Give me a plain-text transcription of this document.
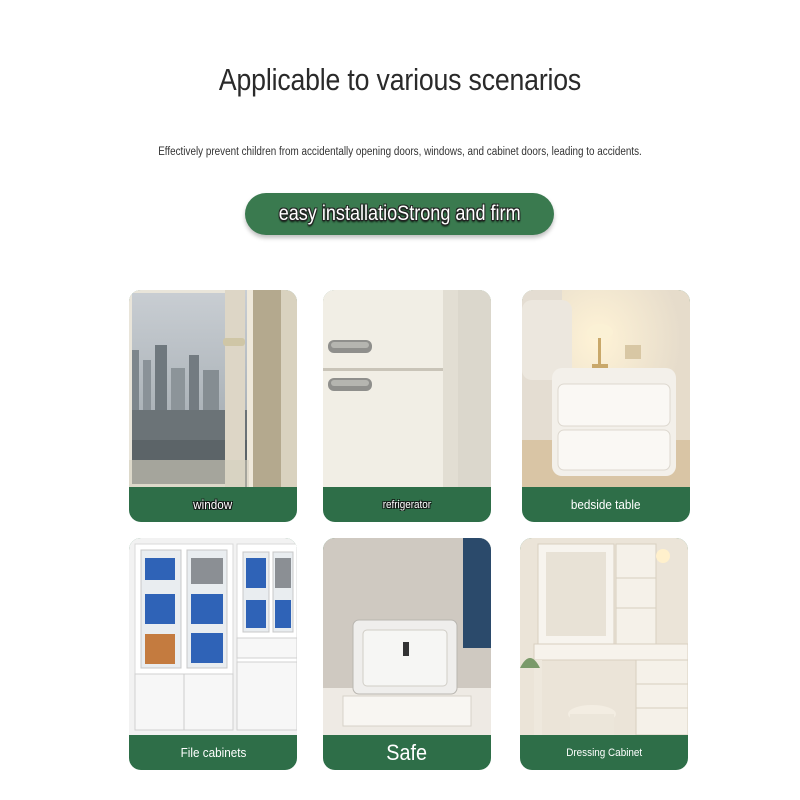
Applicable to various scenarios
Effectively prevent children from accidentally opening doors, windows, and cabinet doors, leading to accidents.
easy installatioStrong and firm
window	refrigerator	bedside table
File cabinets	Safe	Dressing Cabinet
